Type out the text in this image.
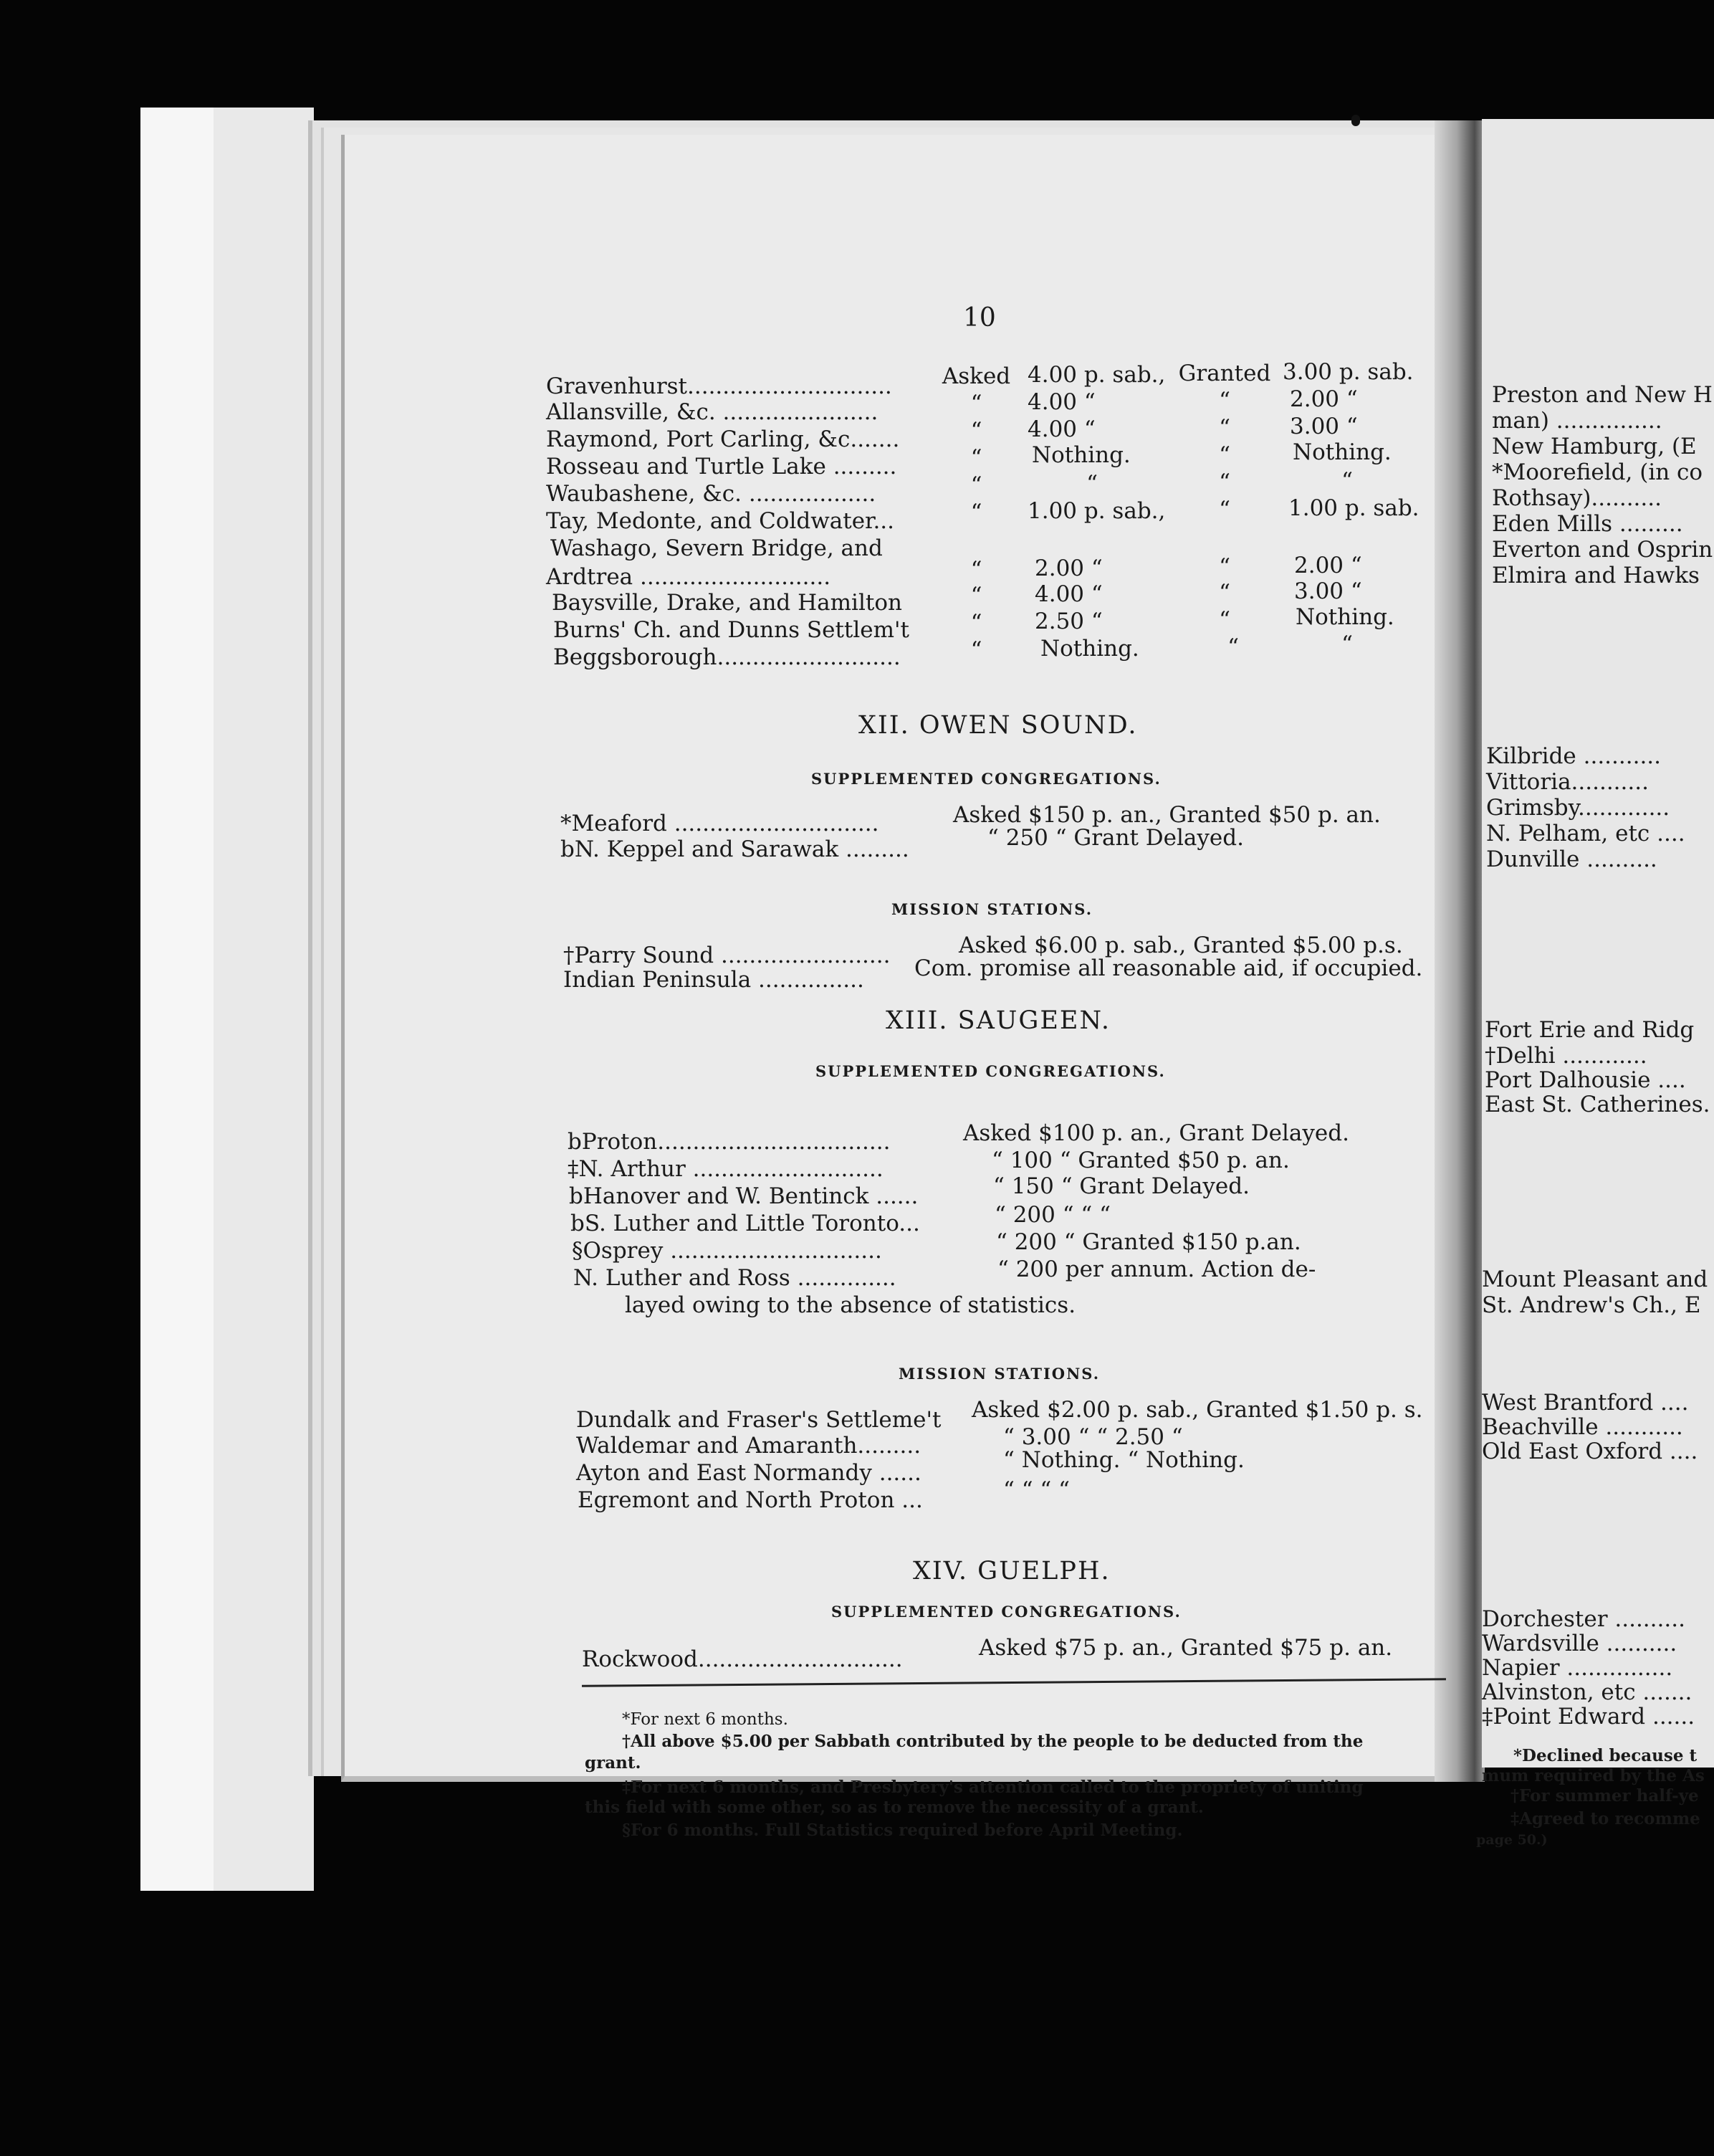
10
Gravenhurst.............................	Asked 4.00 p. sab., Granted 3.00 p. sab.
Allansville, &c. ......................	“	4.00 “	“	2.00 “
Raymond, Port Carling, &c.......	“	4.00 “	“	3.00 “
Rosseau and Turtle Lake .........	“	Nothing.	“	Nothing.
Waubashene, &c. ..................	“	“	“	“
Tay, Medonte, and Coldwater...	“	1.00 p. sab.,	“	1.00 p. sab.
Washago, Severn Bridge, and
Ardtrea ...........................	“	2.00 “	“	2.00 “
Baysville, Drake, and Hamilton	“	4.00 “	“	3.00 “
Burns' Ch. and Dunns Settlem't	“	2.50 “	“	Nothing.
Beggsborough..........................	“	Nothing.	“	“
XII. OWEN SOUND.
SUPPLEMENTED CONGREGATIONS.
*Meaford .............................	Asked $150 p. an., Granted $50 p. an.
bN. Keppel and Sarawak .........	“ 250 “ Grant Delayed.
MISSION STATIONS.
†Parry Sound ........................	Asked $6.00 p. sab., Granted $5.00 p.s.
Indian Peninsula ............... Com. promise all reasonable aid, if occupied.
XIII. SAUGEEN.
SUPPLEMENTED CONGREGATIONS.
bProton.................................	Asked $100 p. an., Grant Delayed.
‡N. Arthur ...........................	“ 100 “ Granted $50 p. an.
bHanover and W. Bentinck ......	“ 150 “ Grant Delayed.
bS. Luther and Little Toronto...	“ 200 “ “ “
§Osprey ..............................	“ 200 “ Granted $150 p.an.
N. Luther and Ross ..............	“ 200 per annum. Action de-
layed owing to the absence of statistics.
MISSION STATIONS.
Dundalk and Fraser's Settleme't Asked $2.00 p. sab., Granted $1.50 p. s.
Waldemar and Amaranth.........	“ 3.00 “ “ 2.50 “
Ayton and East Normandy ......	“ Nothing. “ Nothing.
Egremont and North Proton ...	“ “ “ “
XIV. GUELPH.
SUPPLEMENTED CONGREGATIONS.
Rockwood.............................	Asked $75 p. an., Granted $75 p. an.
*For next 6 months.
†All above $5.00 per Sabbath contributed by the people to be deducted from the
grant.
‡For next 6 months, and Presbytery's attention called to the propriety of uniting
this field with some other, so as to remove the necessity of a grant.
§For 6 months. Full Statistics required before April Meeting.
Preston and New H
man) ...............
New Hamburg, (E
*Moorefield, (in co
Rothsay)..........
Eden Mills .........
Everton and Osprin
Elmira and Hawks
Kilbride ...........
Vittoria...........
Grimsby.............
N. Pelham, etc ....
Dunville ..........
Fort Erie and Ridg
†Delhi ............
Port Dalhousie ....
East St. Catherines.
Mount Pleasant and
St. Andrew's Ch., E
West Brantford ....
Beachville ...........
Old East Oxford ....
Dorchester ..........
Wardsville ..........
Napier ...............
Alvinston, etc .......
‡Point Edward ......
*Declined because t
mum required by the As
†For summer half-ye
‡Agreed to recomme
page 50.)
